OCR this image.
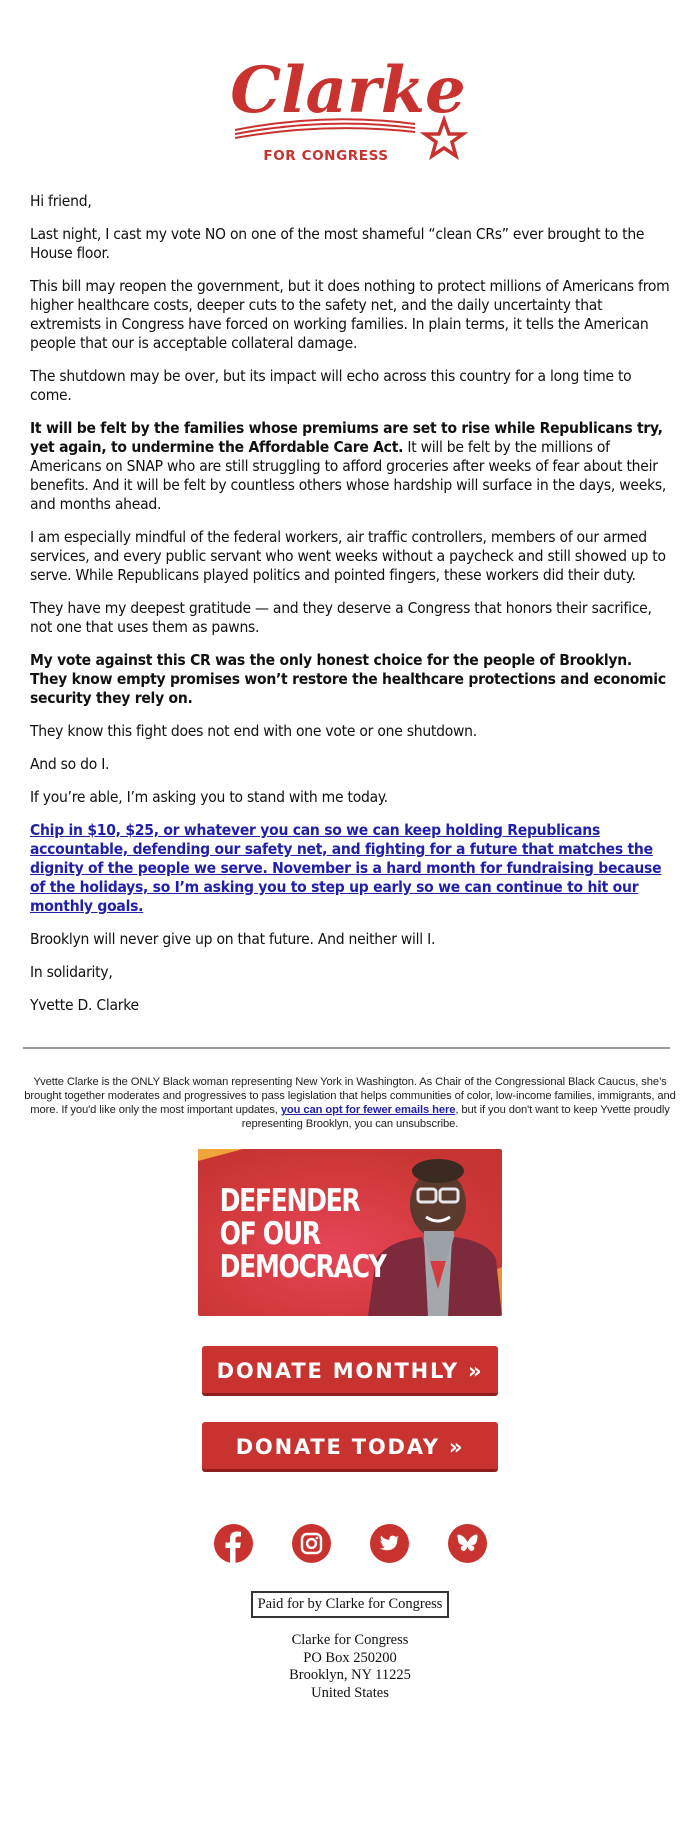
Clarke
FOR CONGRESS

Hi friend,

Last night, I cast my vote NO on one of the most shameful “clean CRs” ever brought to the House floor.

This bill may reopen the government, but it does nothing to protect millions of Americans from higher healthcare costs, deeper cuts to the safety net, and the daily uncertainty that extremists in Congress have forced on working families. In plain terms, it tells the American people that our is acceptable collateral damage.

The shutdown may be over, but its impact will echo across this country for a long time to come.

It will be felt by the families whose premiums are set to rise while Republicans try, yet again, to undermine the Affordable Care Act. It will be felt by the millions of Americans on SNAP who are still struggling to afford groceries after weeks of fear about their benefits. And it will be felt by countless others whose hardship will surface in the days, weeks, and months ahead.

I am especially mindful of the federal workers, air traffic controllers, members of our armed services, and every public servant who went weeks without a paycheck and still showed up to serve. While Republicans played politics and pointed fingers, these workers did their duty.

They have my deepest gratitude — and they deserve a Congress that honors their sacrifice, not one that uses them as pawns.

My vote against this CR was the only honest choice for the people of Brooklyn. They know empty promises won’t restore the healthcare protections and economic security they rely on.

They know this fight does not end with one vote or one shutdown.

And so do I.

If you’re able, I’m asking you to stand with me today.

Chip in $10, $25, or whatever you can so we can keep holding Republicans accountable, defending our safety net, and fighting for a future that matches the dignity of the people we serve. November is a hard month for fundraising because of the holidays, so I’m asking you to step up early so we can continue to hit our monthly goals.

Brooklyn will never give up on that future. And neither will I.

In solidarity,

Yvette D. Clarke

Yvette Clarke is the ONLY Black woman representing New York in Washington. As Chair of the Congressional Black Caucus, she’s brought together moderates and progressives to pass legislation that helps communities of color, low-income families, immigrants, and more. If you'd like only the most important updates, you can opt for fewer emails here, but if you don't want to keep Yvette proudly representing Brooklyn, you can unsubscribe.
DEFENDER
OF OUR
DEMOCRACY
DONATE MONTHLY »
DONATE TODAY »
Paid for by Clarke for Congress
Clarke for Congress
PO Box 250200
Brooklyn, NY 11225
United States
